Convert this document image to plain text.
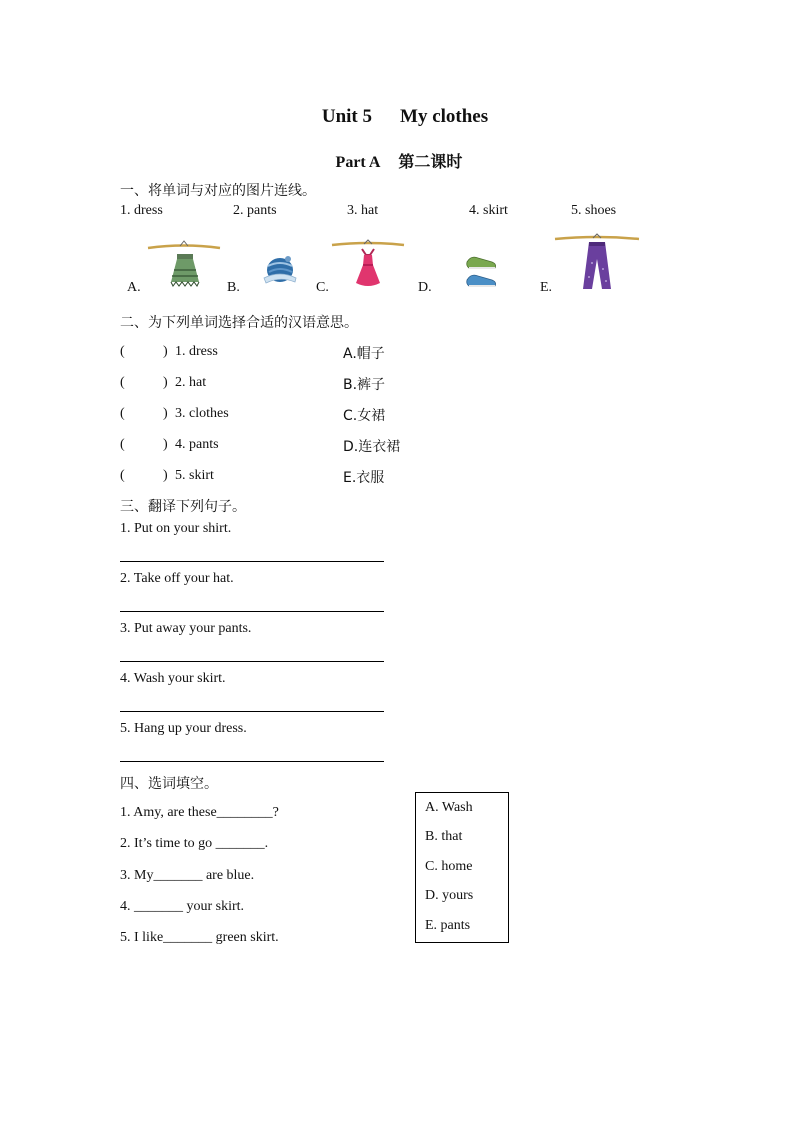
Unit 5 My clothes
Part A 第二课时
一、将单词与对应的图片连线。
1. dress	2. pants	3. hat	4. skirt	5. shoes
A.	B.	C.	D.	E.
二、为下列单词选择合适的汉语意思。
(	) 1. dress	A.帽子
(	) 2. hat	B.裤子
(	) 3. clothes	C.女裙
(	) 4. pants	D.连衣裙
(	) 5. skirt	E.衣服
三、翻译下列句子。
1. Put on your shirt.
2. Take off your hat.
3. Put away your pants.
4. Wash your skirt.
5. Hang up your dress.
四、选词填空。
1. Amy, are these________?
2. It’s time to go _______.
3. My_______ are blue.
4. _______ your skirt.
5. I like_______ green skirt.
A. Wash
B. that
C. home
D. yours
E. pants
